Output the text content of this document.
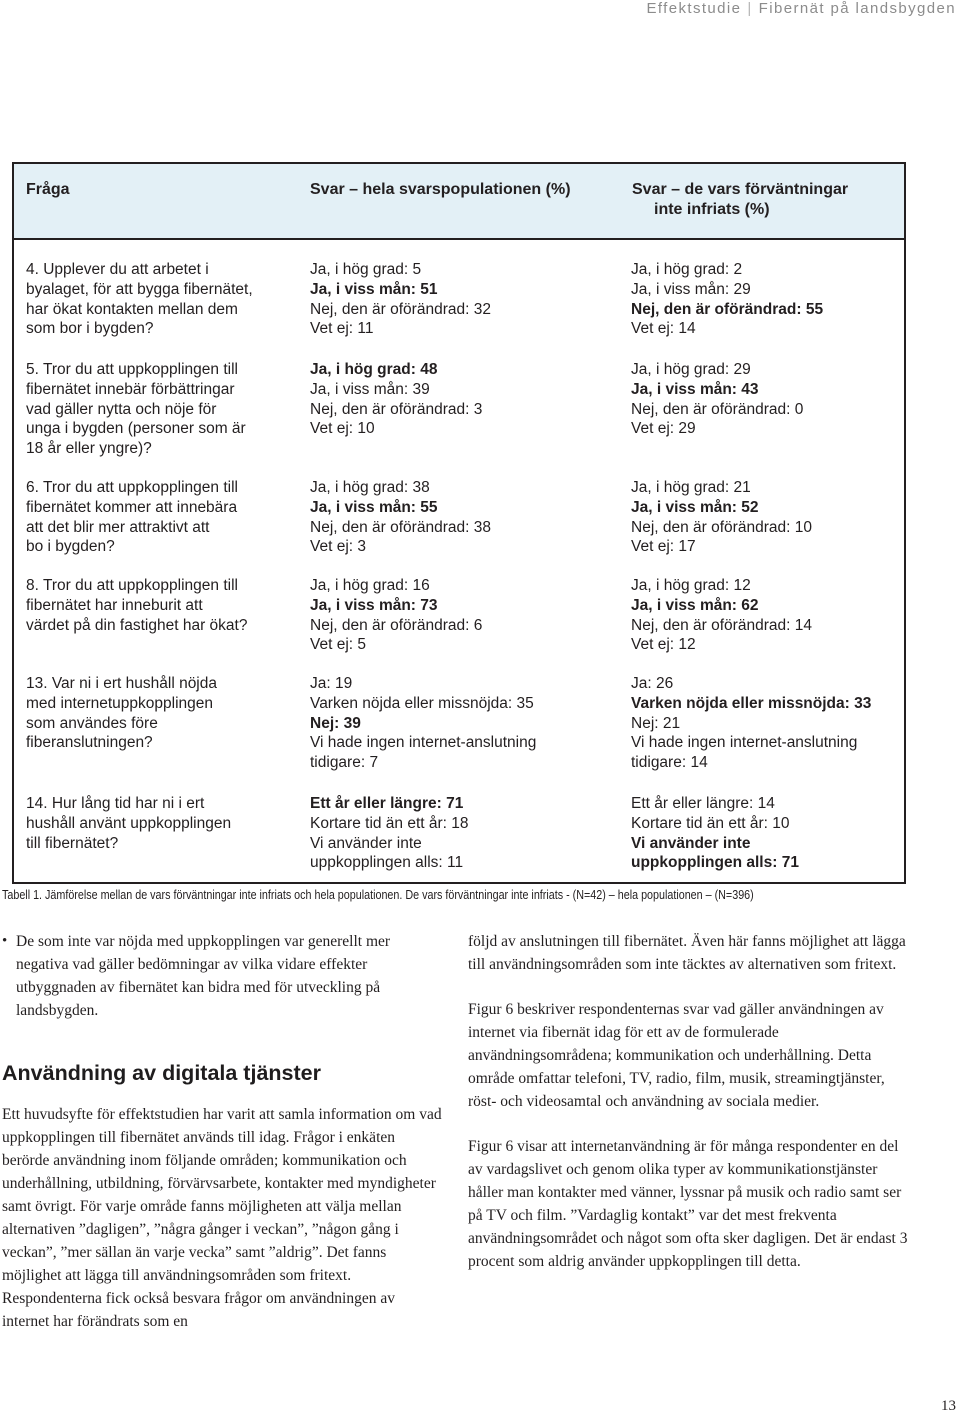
Effektstudie | Fibernät på landsbygden
Fråga	Svar – hela svarspopulationen (%)	Svar – de vars förväntningar
inte infriats (%)
4. Upplever du att arbetet i
byalaget, för att bygga fibernätet,
har ökat kontakten mellan dem
som bor i bygden?
Ja, i hög grad: 5
Ja, i viss mån: 51
Nej, den är oförändrad: 32
Vet ej: 11
Ja, i hög grad: 2
Ja, i viss mån: 29
Nej, den är oförändrad: 55
Vet ej: 14
5. Tror du att uppkopplingen till
fibernätet innebär förbättringar
vad gäller nytta och nöje för
unga i bygden (personer som är
18 år eller yngre)?
Ja, i hög grad: 48
Ja, i viss mån: 39
Nej, den är oförändrad: 3
Vet ej: 10
Ja, i hög grad: 29
Ja, i viss mån: 43
Nej, den är oförändrad: 0
Vet ej: 29
6. Tror du att uppkopplingen till
fibernätet kommer att innebära
att det blir mer attraktivt att
bo i bygden?
Ja, i hög grad: 38
Ja, i viss mån: 55
Nej, den är oförändrad: 38
Vet ej: 3
Ja, i hög grad: 21
Ja, i viss mån: 52
Nej, den är oförändrad: 10
Vet ej: 17
8. Tror du att uppkopplingen till
fibernätet har inneburit att
värdet på din fastighet har ökat?
Ja, i hög grad: 16
Ja, i viss mån: 73
Nej, den är oförändrad: 6
Vet ej: 5
Ja, i hög grad: 12
Ja, i viss mån: 62
Nej, den är oförändrad: 14
Vet ej: 12
13. Var ni i ert hushåll nöjda
med internetuppkopplingen
som användes före
fiberanslutningen?
Ja: 19
Varken nöjda eller missnöjda: 35
Nej: 39
Vi hade ingen internet-anslutning
tidigare: 7
Ja: 26
Varken nöjda eller missnöjda: 33
Nej: 21
Vi hade ingen internet-anslutning
tidigare: 14
14. Hur lång tid har ni i ert
hushåll använt uppkopplingen
till fibernätet?
Ett år eller längre: 71
Kortare tid än ett år: 18
Vi använder inte
uppkopplingen alls: 11
Ett år eller längre: 14
Kortare tid än ett år: 10
Vi använder inte
uppkopplingen alls: 71
Tabell 1. Jämförelse mellan de vars förväntningar inte infriats och hela populationen. De vars förväntningar inte infriats - (N=42) – hela populationen – (N=396)
• De som inte var nöjda med uppkopplingen var generellt mer negativa vad gäller bedömningar av vilka vidare effekter utbyggnaden av fibernätet kan bidra med för utveckling på landsbygden.
Användning av digitala tjänster

Ett huvudsyfte för effektstudien har varit att samla information om vad uppkopplingen till fibernätet används till idag. Frågor i enkäten berörde användning inom följande områden; kommunikation och underhållning, utbildning, förvärvsarbete, kontakter med myndigheter samt övrigt. För varje område fanns möjligheten att välja mellan alternativen ”dagligen”, ”några gånger i veckan”, ”någon gång i veckan”, ”mer sällan än varje vecka” samt ”aldrig”. Det fanns möjlighet att lägga till användningsområden som fritext. Respondenterna fick också besvara frågor om användningen av internet har förändrats som en

följd av anslutningen till fibernätet. Även här fanns möjlighet att lägga till användningsområden som inte täcktes av alternativen som fritext.

Figur 6 beskriver respondenternas svar vad gäller användningen av internet via fibernät idag för ett av de formulerade användningsområdena; kommunikation och underhållning. Detta område omfattar telefoni, TV, radio, film, musik, streamingtjänster, röst- och videosamtal och användning av sociala medier.

Figur 6 visar att internetanvändning är för många respondenter en del av vardagslivet och genom olika typer av kommunikationstjänster håller man kontakter med vänner, lyssnar på musik och radio samt ser på TV och film. ”Vardaglig kontakt” var det mest frekventa användningsområdet och något som ofta sker dagligen. Det är endast 3 procent som aldrig använder uppkopplingen till detta.

13
